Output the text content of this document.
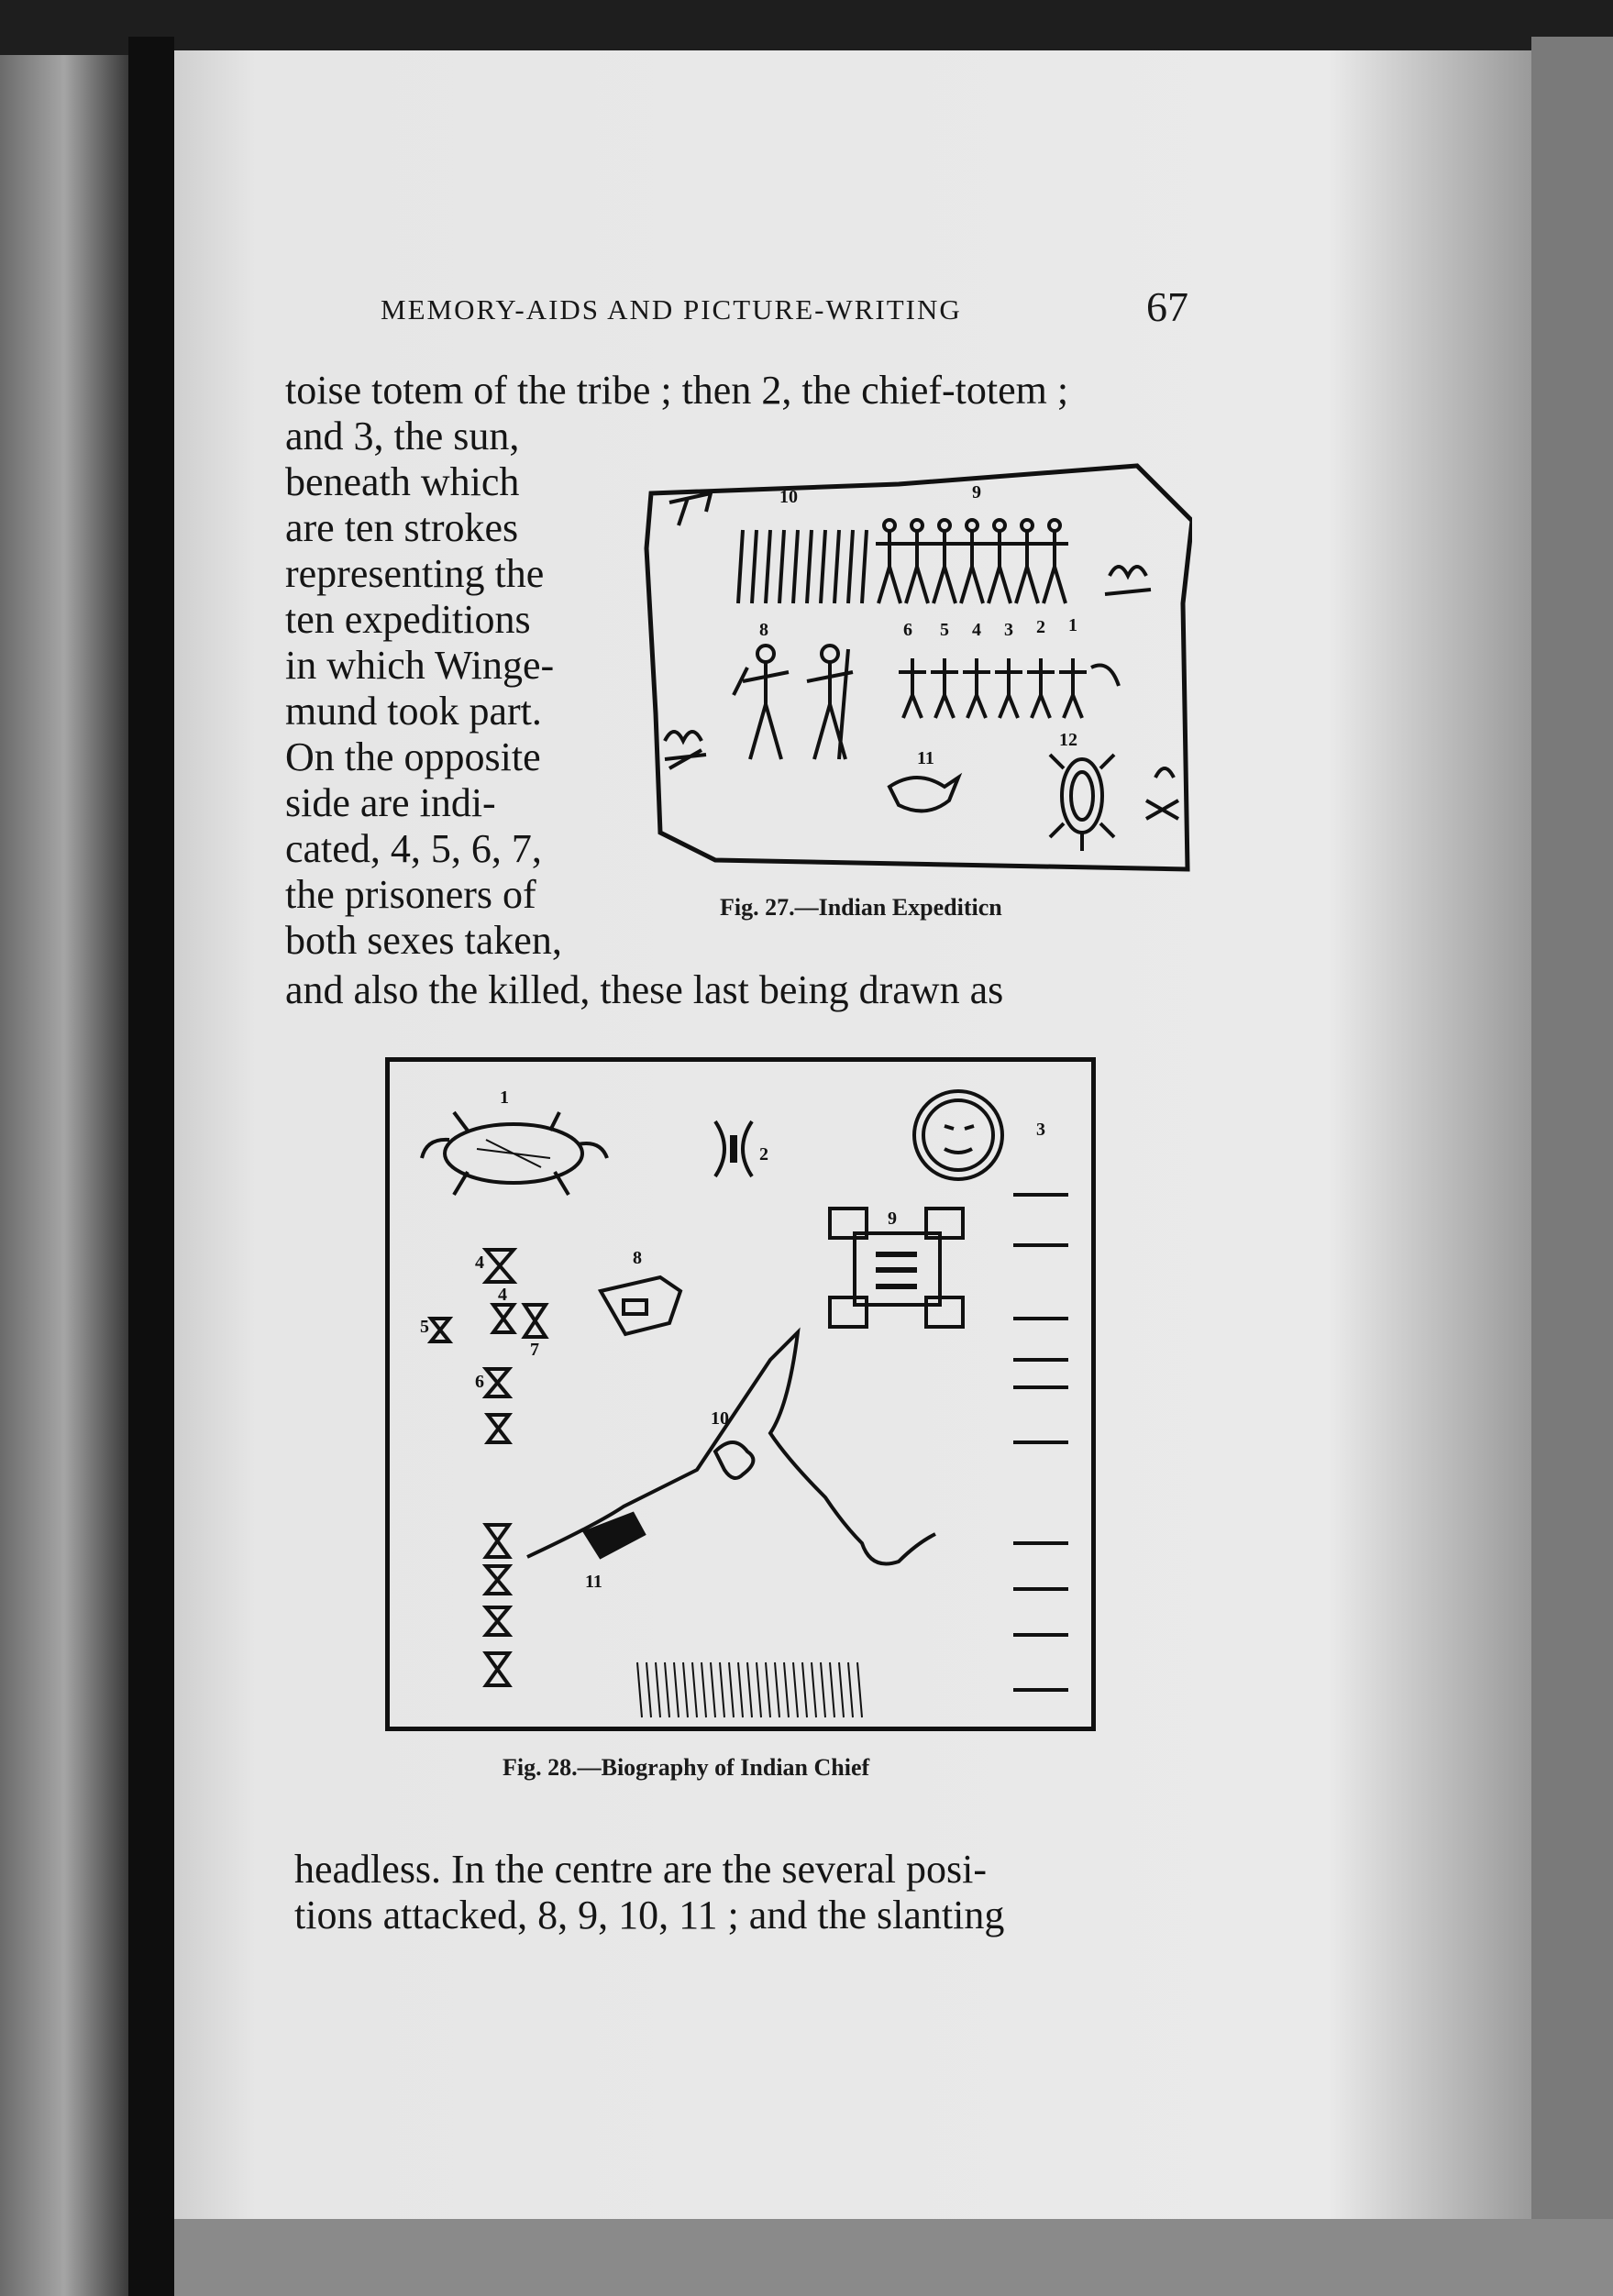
MEMORY-AIDS AND PICTURE-WRITING	67
toise totem of the tribe ; then 2, the chief-totem ;
and 3, the sun,
beneath which
are ten strokes
representing the
ten expeditions
in which Winge-
mund took part.
On the opposite
side are indi-
cated, 4, 5, 6, 7,
the prisoners of
both sexes taken,
and also the killed, these last being drawn as
10	9
8	6 5 4 3 2 1
11
12
Fig. 27.—Indian Expediticn
1
2
3
4
4
5
7
6
8
9
10
11
Fig. 28.—Biography of Indian Chief
headless. In the centre are the several posi-
tions attacked, 8, 9, 10, 11 ; and the slanting
